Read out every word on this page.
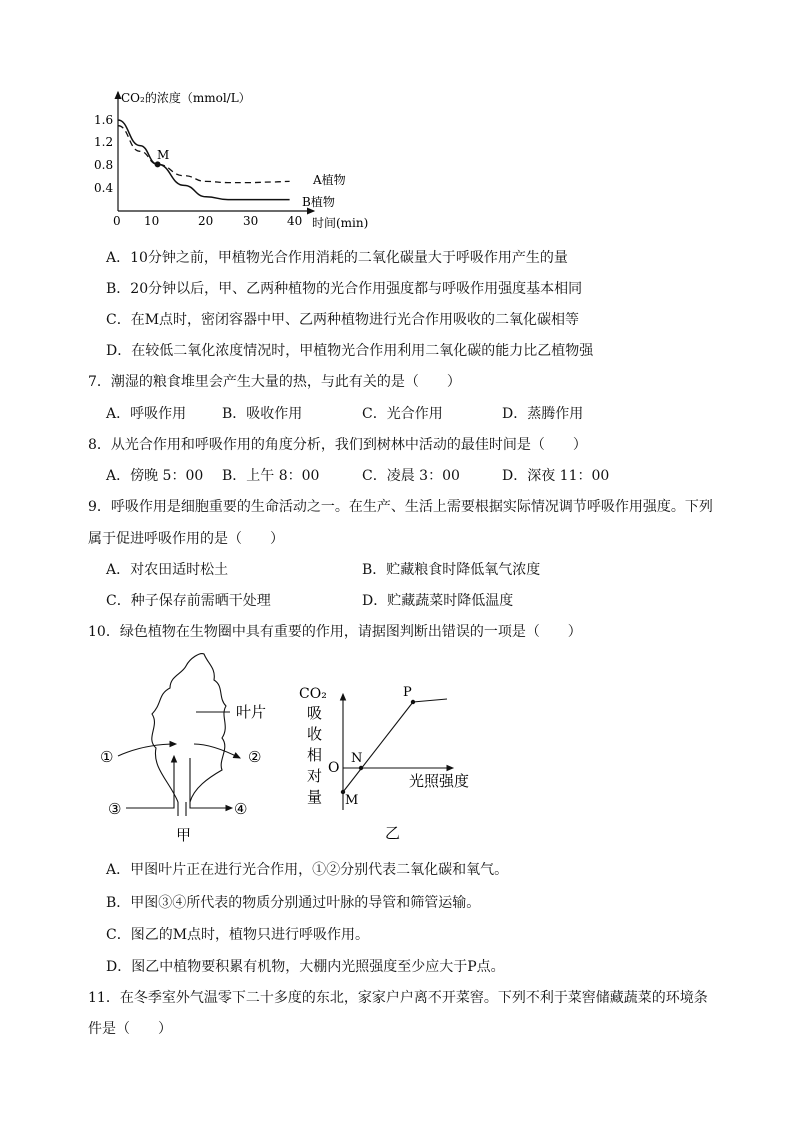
CO₂的浓度（mmol/L）
1.6
1.2
0.8
0.4
0 10	20 30 40 时间(min)
M
A植物
B植物
A．10分钟之前，甲植物光合作用消耗的二氧化碳量大于呼吸作用产生的量
B．20分钟以后，甲、乙两种植物的光合作用强度都与呼吸作用强度基本相同
C．在M点时，密闭容器中甲、乙两种植物进行光合作用吸收的二氧化碳相等
D．在较低二氧化浓度情况时，甲植物光合作用利用二氧化碳的能力比乙植物强
7．潮湿的粮食堆里会产生大量的热，与此有关的是（　　）
A．呼吸作用	B．吸收作用	C．光合作用	D．蒸腾作用
8．从光合作用和呼吸作用的角度分析，我们到树林中活动的最佳时间是（　　）
A．傍晚 5：00 B．上午 8：00	C．凌晨 3：00	D．深夜 11：00
9．呼吸作用是细胞重要的生命活动之一。在生产、生活上需要根据实际情况调节呼吸作用强度。下列
属于促进呼吸作用的是（　　）
A．对农田适时松土	B．贮藏粮食时降低氧气浓度
C．种子保存前需晒干处理	D．贮藏蔬菜时降低温度
10．绿色植物在生物圈中具有重要的作用，请据图判断出错误的一项是（　　）
叶片
①	②
③	④
甲
CO₂
吸
收
相
对
量
O
N
M
P
光照强度
乙
A．甲图叶片正在进行光合作用，①②分别代表二氧化碳和氧气。
B．甲图③④所代表的物质分别通过叶脉的导管和筛管运输。
C．图乙的M点时，植物只进行呼吸作用。
D．图乙中植物要积累有机物，大棚内光照强度至少应大于P点。
11．在冬季室外气温零下二十多度的东北，家家户户离不开菜窖。下列不利于菜窖储藏蔬菜的环境条
件是（　　）
